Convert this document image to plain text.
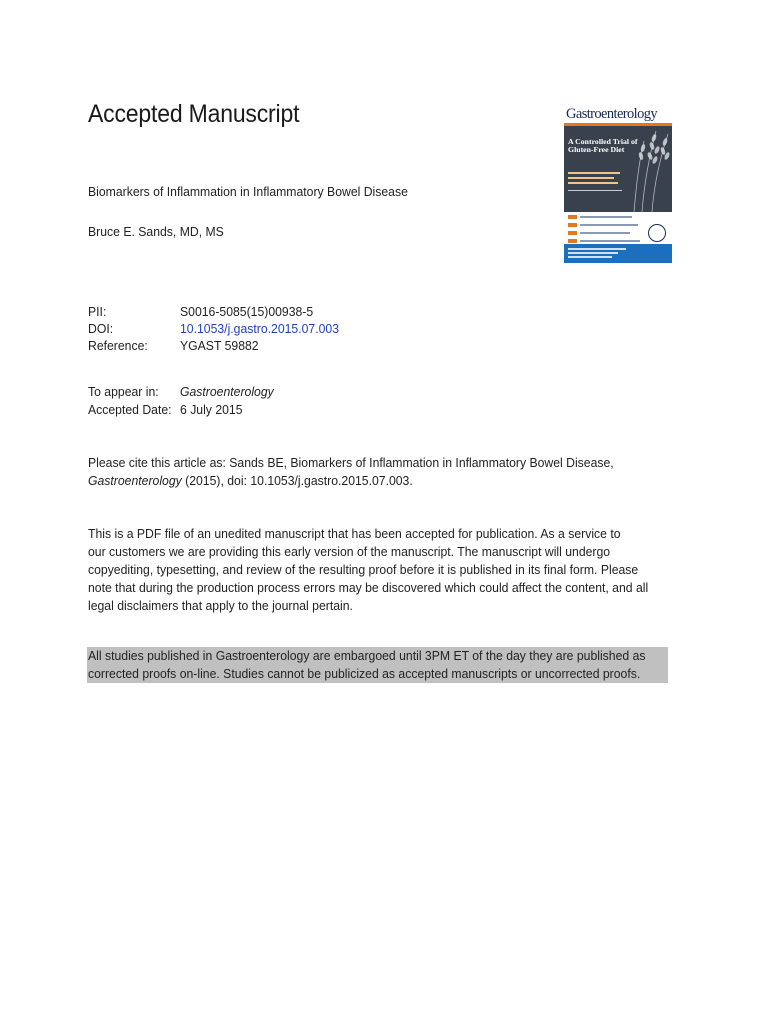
Accepted Manuscript	Gastroenterology
A Controlled Trial of Gluten-Free Diet
Biomarkers of Inflammation in Inflammatory Bowel Disease
Bruce E. Sands, MD, MS
PII:	S0016-5085(15)00938-5
DOI:	10.1053/j.gastro.2015.07.003
Reference: YGAST 59882
To appear in: Gastroenterology
Accepted Date: 6 July 2015
Please cite this article as: Sands BE, Biomarkers of Inflammation in Inflammatory Bowel Disease,
Gastroenterology (2015), doi: 10.1053/j.gastro.2015.07.003.
This is a PDF file of an unedited manuscript that has been accepted for publication. As a service to
our customers we are providing this early version of the manuscript. The manuscript will undergo
copyediting, typesetting, and review of the resulting proof before it is published in its final form. Please
note that during the production process errors may be discovered which could affect the content, and all
legal disclaimers that apply to the journal pertain.
All studies published in Gastroenterology are embargoed until 3PM ET of the day they are published as
corrected proofs on-line. Studies cannot be publicized as accepted manuscripts or uncorrected proofs.
